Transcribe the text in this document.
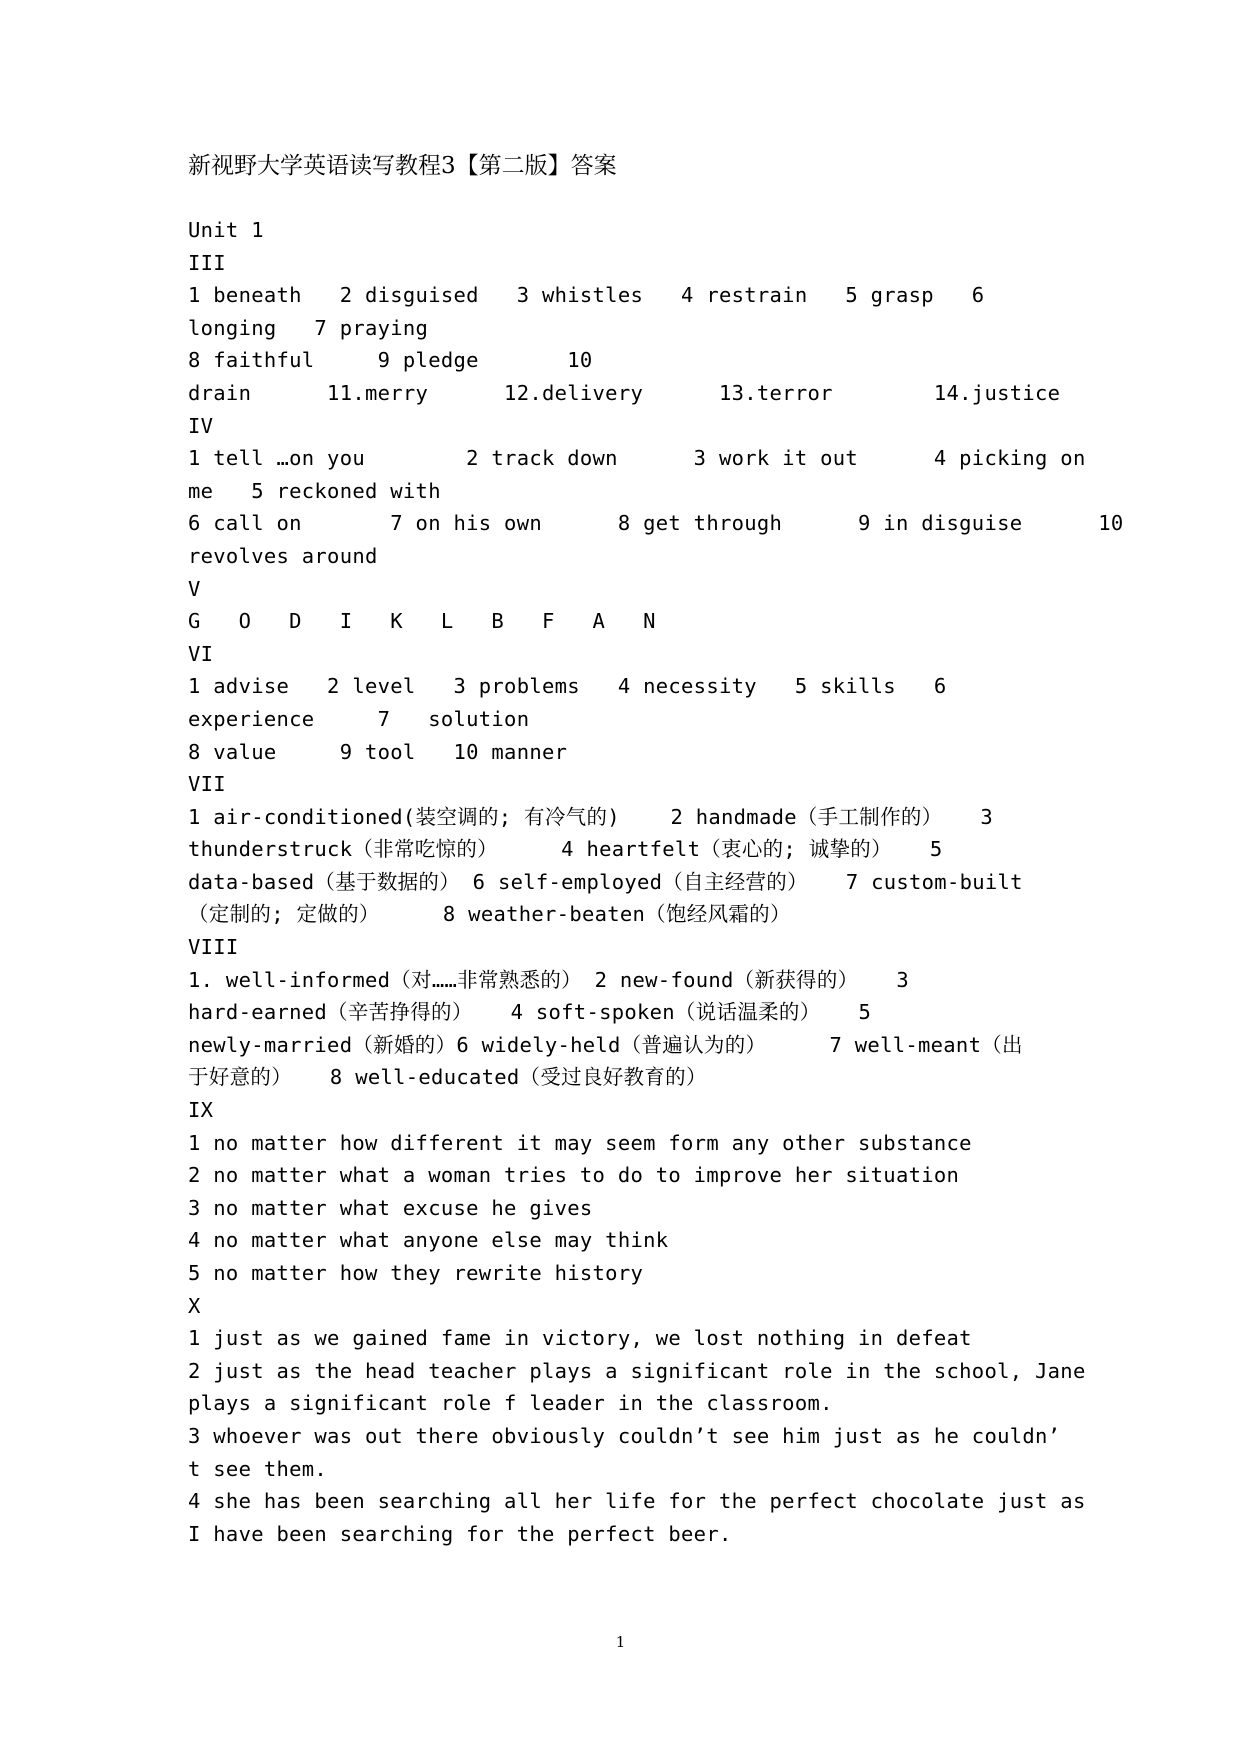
新视野大学英语读写教程3【第二版】答案
Unit 1
III
1 beneath   2 disguised   3 whistles   4 restrain   5 grasp   6
longing   7 praying
8 faithful     9 pledge       10
drain      11.merry      12.delivery      13.terror        14.justice
IV
1 tell …on you        2 track down      3 work it out      4 picking on
me   5 reckoned with
6 call on       7 on his own      8 get through      9 in disguise      10
revolves around
V
G   O   D   I   K   L   B   F   A   N
VI
1 advise   2 level   3 problems   4 necessity   5 skills   6
experience     7   solution
8 value     9 tool   10 manner
VII
1 air-conditioned(装空调的; 有冷气的)    2 handmade（手工制作的）   3
thunderstruck（非常吃惊的）     4 heartfelt（衷心的; 诚挚的）   5
data-based（基于数据的） 6 self-employed（自主经营的）   7 custom-built
（定制的; 定做的）     8 weather-beaten（饱经风霜的）
VIII
1. well-informed（对……非常熟悉的） 2 new-found（新获得的）   3
hard-earned（辛苦挣得的）   4 soft-spoken（说话温柔的）   5
newly-married（新婚的）6 widely-held（普遍认为的）     7 well-meant（出
于好意的）   8 well-educated（受过良好教育的）
IX
1 no matter how different it may seem form any other substance
2 no matter what a woman tries to do to improve her situation
3 no matter what excuse he gives
4 no matter what anyone else may think
5 no matter how they rewrite history
X
1 just as we gained fame in victory, we lost nothing in defeat
2 just as the head teacher plays a significant role in the school, Jane
plays a significant role f leader in the classroom.
3 whoever was out there obviously couldn’t see him just as he couldn’
t see them.
4 she has been searching all her life for the perfect chocolate just as
I have been searching for the perfect beer.
1
